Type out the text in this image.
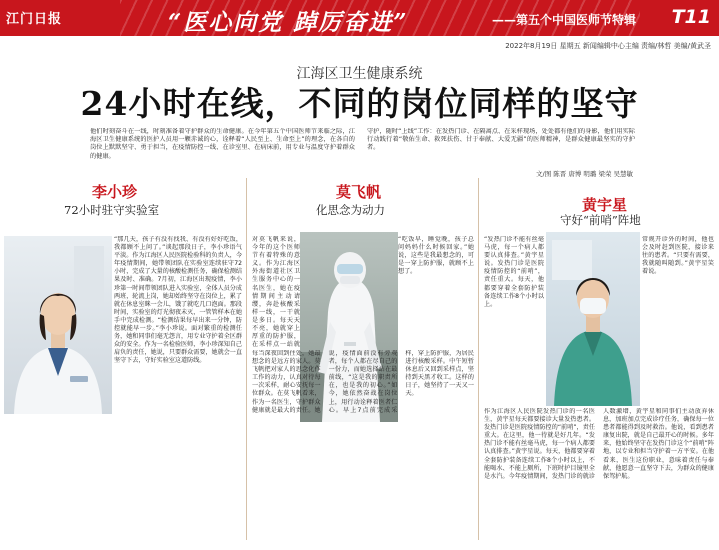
江门日报	“医心向党 踔厉奋进”	——第五个中国医师节特辑 T11
2022年8月19日 星期五 新闻编辑中心主编 责编/林哲 美编/黄武圣
江海区卫生健康系统
24小时在线，不同的岗位同样的坚守
他们时刻奋斗在一线，时刻准备着守护群众的生命健康。在今年第五个中国医师节来临之际，江海区卫生健康系统的医护人员用一颗赤诚的心，诠释着“人民至上、生命至上”的理念，在各自的岗位上默默坚守、勇于担当，在疫情防控一线、在诊室里、在病床前，用专业与温度守护着群众的健康。
守护，随时“上线”工作：在发热门诊、在隔离点、在采样现场，处处都有他们的身影，他们用实际行动践行着“敬佑生命、救死扶伤、甘于奉献、大爱无疆”的医师精神，是群众健康最坚实的守护者。
文/图 陈晋 唐博 明璐 梁荣 吴慧敏
李小珍
72小时驻守实验室
“那几天，孩子有没有找我、有没有好好吃饭，我都顾不上问了。”谈起那段日子，李小珍语气平淡。作为江海区人民医院检验科的负责人，今年疫情期间，她带领团队在实验室连续驻守72小时，完成了大量的核酸检测任务，确保检测结果及时、准确。7月初，江海区出现疫情，李小珍第一时间带领团队进入实验室，全体人员分成两班，轮流上岗，她却始终坚守在岗位上，累了就在休息室眯一会儿，饿了就吃几口泡面。那段时间，实验室的灯光彻夜未灭，一管管样本在她手中完成检测。“检测结果每早出来一分钟，防控就能早一步。”李小珍说。面对繁重的检测任务，她和同事们毫无怨言，用专业守护着全区群众的安全。作为一名检验医师，李小珍深知自己肩负的责任，她说，只要群众需要，她就会一直坚守下去，守好实验室这道防线。
莫飞帆
化思念为动力
对莫飞帆来说，今年的这个医师节有着特殊的意义。作为江海区外海街道社区卫生服务中心的一名医生，她在疫情期间主动请缨，奔赴核酸采样一线，一干就是多日。每天天不亮，她就穿上厚重的防护服，在采样点一站就
“吃饭早，睡觉晚，孩子总问妈妈什么时候回家。”她说，这些是我最想念的，可是一穿上防护服，就顾不上想了。
每当深夜回到住处，她最想念的是远方的家人。莫飞帆把对家人的思念化作工作的动力，认真对待每一次采样，耐心安抚每一位群众。在莫飞帆看来，作为一名医生，守护群众健康就是最大的责任。她说，疫情面前没有旁观者，每个人都在尽自己的一份力，而她选择站在最前线，“这是我的职责所在，也是我的初心。”如今，她依然奋战在岗位上，用行动诠释着医者仁心。早上7点前完成采样，穿上防护服，为居民进行核酸采样。中午短暂休息后又回到采样点，坚持到天黑才收工。这样的日子，她坚持了一天又一天。
黄宇星
守好“前哨”阵地
“发热门诊不能有丝毫马虎，每一个病人都要认真排查。”黄宇星说。发热门诊是医院疫情防控的“前哨”，责任重大。每天，他都要穿着全套防护装备连续工作8个小时以上。
常规开诊外的时间，他也会及时赶到医院，接诊来往的患者。“只要有需要，我就随叫随到。”黄宇星笑着说。
作为江海区人民医院发热门诊的一名医生，黄宇星每天都要接诊大量发热患者。发热门诊是医院疫情防控的“前哨”，责任重大。在这里，他一待就是好几年。“发热门诊不能有丝毫马虎，每一个病人都要认真排查。”黄宇星说。每天，他都要穿着全套防护装备连续工作8个小时以上，不能喝水、不能上厕所，下班时护目镜里全是水汽。今年疫情期间，发热门诊的就诊人数激增，黄宇星和同事们主动放弃休息，加班加点完成诊疗任务，确保每一位患者都能得到及时救治。他说，看到患者康复出院，就是自己最开心的时候。多年来，他始终坚守在发热门诊这个“前哨”阵地，以专业和担当守护着一方平安。在他看来，医生这份职业，意味着责任与奉献，他愿意一直坚守下去，为群众的健康保驾护航。
